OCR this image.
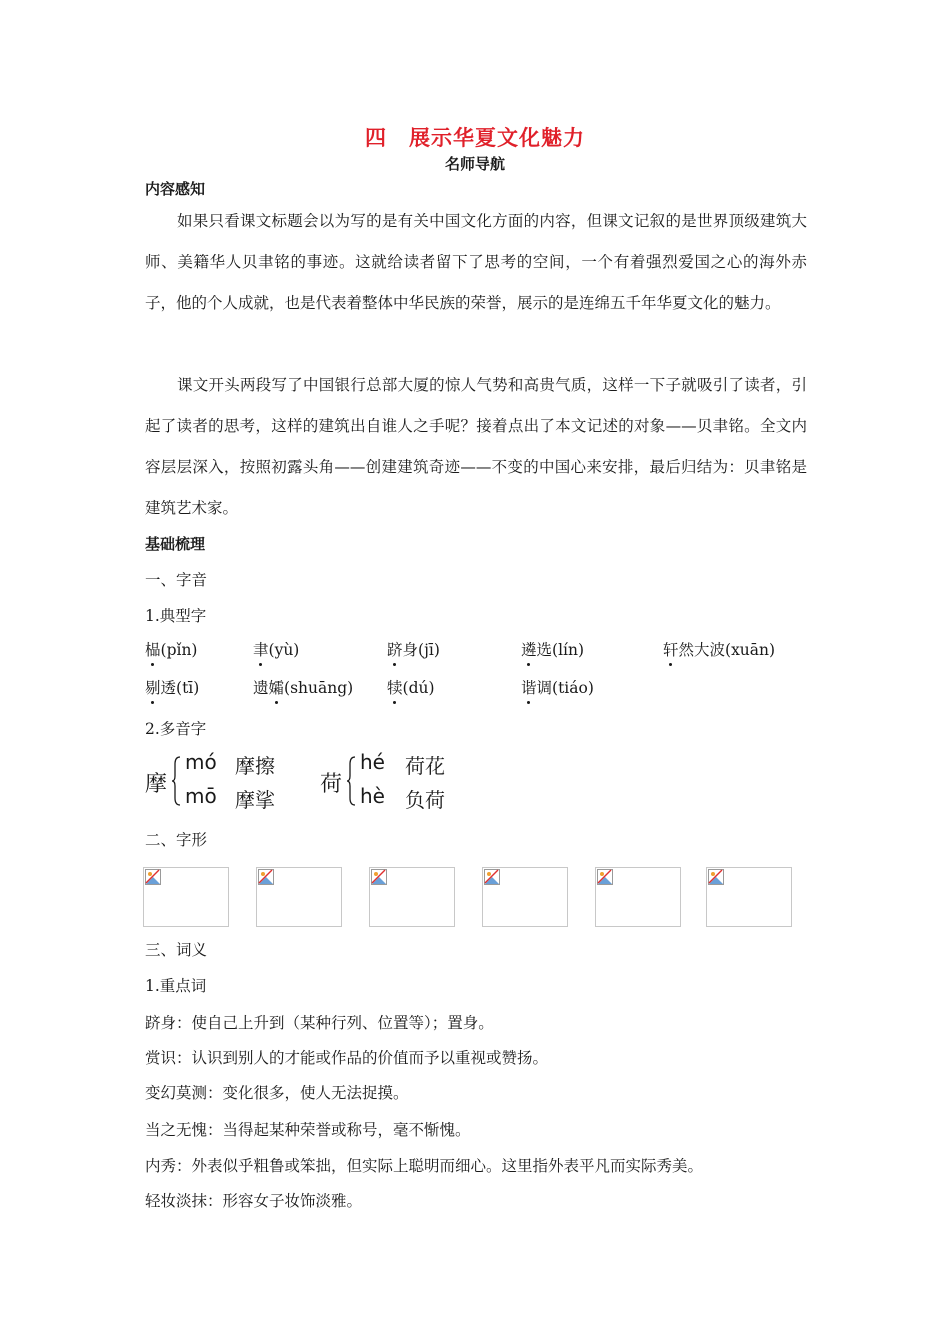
四　展示华夏文化魅力
名师导航
内容感知

如果只看课文标题会以为写的是有关中国文化方面的内容，但课文记叙的是世界顶级建筑大师、美籍华人贝聿铭的事迹。这就给读者留下了思考的空间，一个有着强烈爱国之心的海外赤子，他的个人成就，也是代表着整体中华民族的荣誉，展示的是连绵五千年华夏文化的魅力。

课文开头两段写了中国银行总部大厦的惊人气势和高贵气质，这样一下子就吸引了读者，引起了读者的思考，这样的建筑出自谁人之手呢？接着点出了本文记述的对象——贝聿铭。全文内容层层深入，按照初露头角——创建建筑奇迹——不变的中国心来安排，最后归结为：贝聿铭是建筑艺术家。

基础梳理
一、字音
1.典型字
榀(pǐn)	聿(yù)	跻身(jī)	遴选(lín)	轩然大波(xuān)
剔透(tī)	遗孀(shuāng) 犊(dú)	谐调(tiáo)
2.多音字
摩
mó 摩擦
mō 摩挲
荷
hé 荷花
hè 负荷
二、字形
三、词义
1.重点词
跻身：使自己上升到（某种行列、位置等）；置身。
赏识：认识到别人的才能或作品的价值而予以重视或赞扬。
变幻莫测：变化很多，使人无法捉摸。
当之无愧：当得起某种荣誉或称号，毫不惭愧。
内秀：外表似乎粗鲁或笨拙，但实际上聪明而细心。这里指外表平凡而实际秀美。
轻妆淡抹：形容女子妆饰淡雅。
